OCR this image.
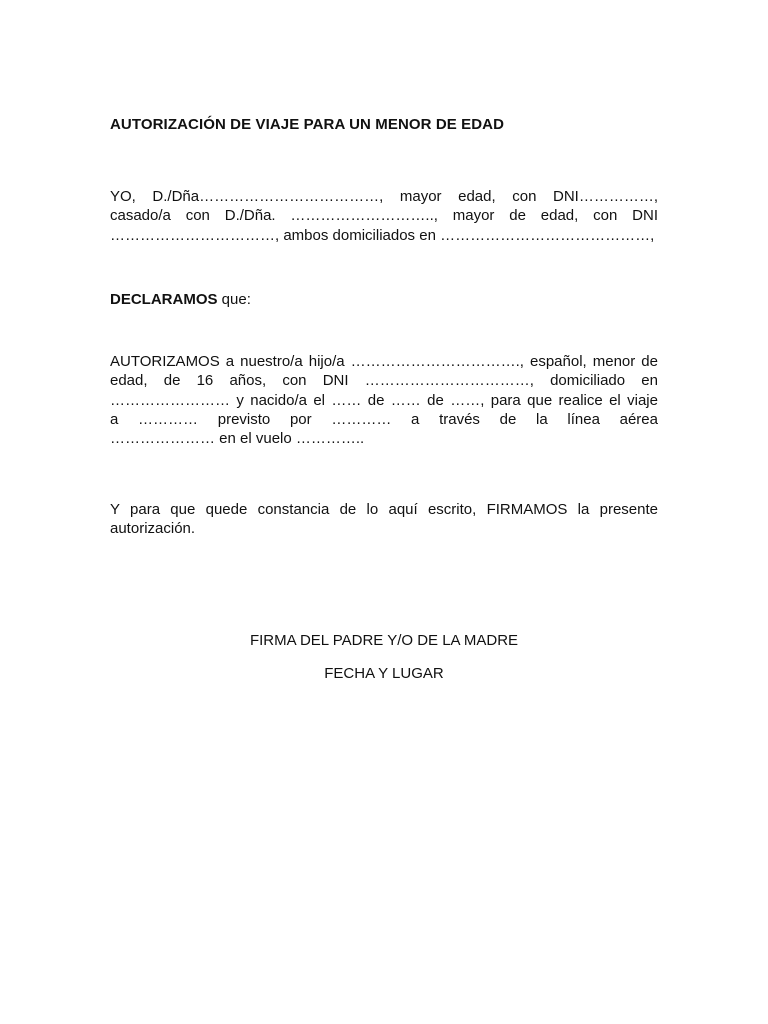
AUTORIZACIÓN DE VIAJE PARA UN MENOR DE EDAD
YO, D./Dña………………………………, mayor edad, con DNI……………,
casado/a con D./Dña. ……………………….., mayor de edad, con DNI
……………………………, ambos domiciliados en ……………………………………,
DECLARAMOS que:
AUTORIZAMOS a nuestro/a hijo/a ……………………………., español, menor de
edad, de 16 años, con DNI ……………………………, domiciliado en
…………………… y nacido/a el …… de …… de ……, para que realice el viaje
a ………… previsto por ………… a través de la línea aérea
………………… en el vuelo …………..
Y para que quede constancia de lo aquí escrito, FIRMAMOS la presente
autorización.
FIRMA DEL PADRE Y/O DE LA MADRE
FECHA Y LUGAR
